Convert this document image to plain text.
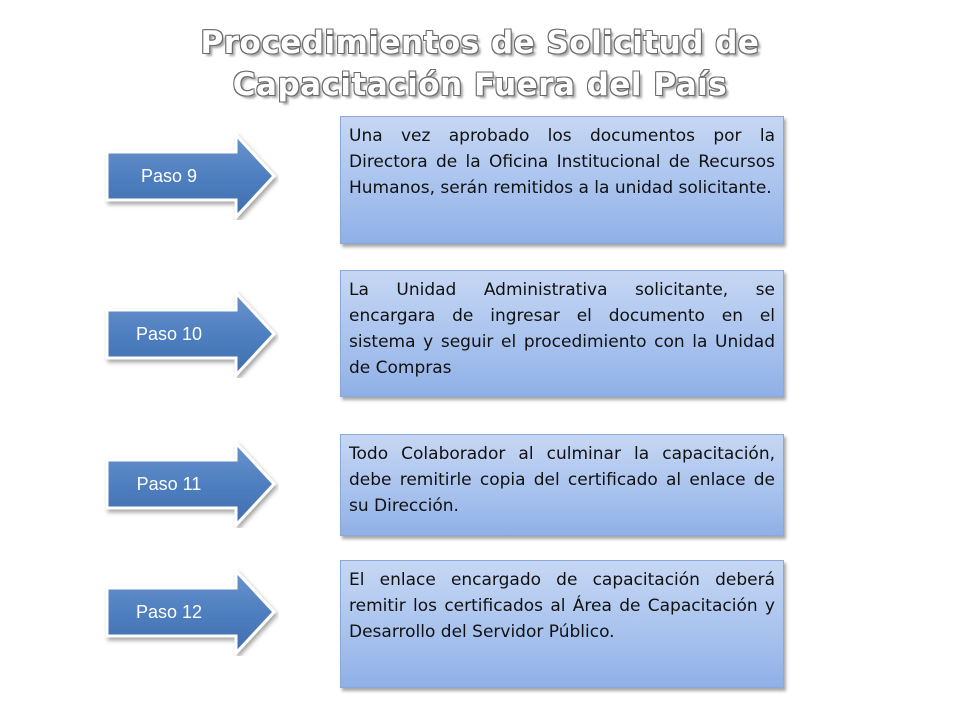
Procedimientos de Solicitud de
Capacitación Fuera del País
Paso 9
Una vez aprobado los documentos por la Directora de la Oficina Institucional de Recursos Humanos, serán remitidos a la unidad solicitante.
Paso 10
La Unidad Administrativa solicitante, se encargara de ingresar el documento en el sistema y seguir el procedimiento con la Unidad de Compras
Paso 11
Todo Colaborador al culminar la capacitación, debe remitirle copia del certificado al enlace de su Dirección.
Paso 12
El enlace encargado de capacitación deberá remitir los certificados al Área de Capacitación y Desarrollo del Servidor Público.
